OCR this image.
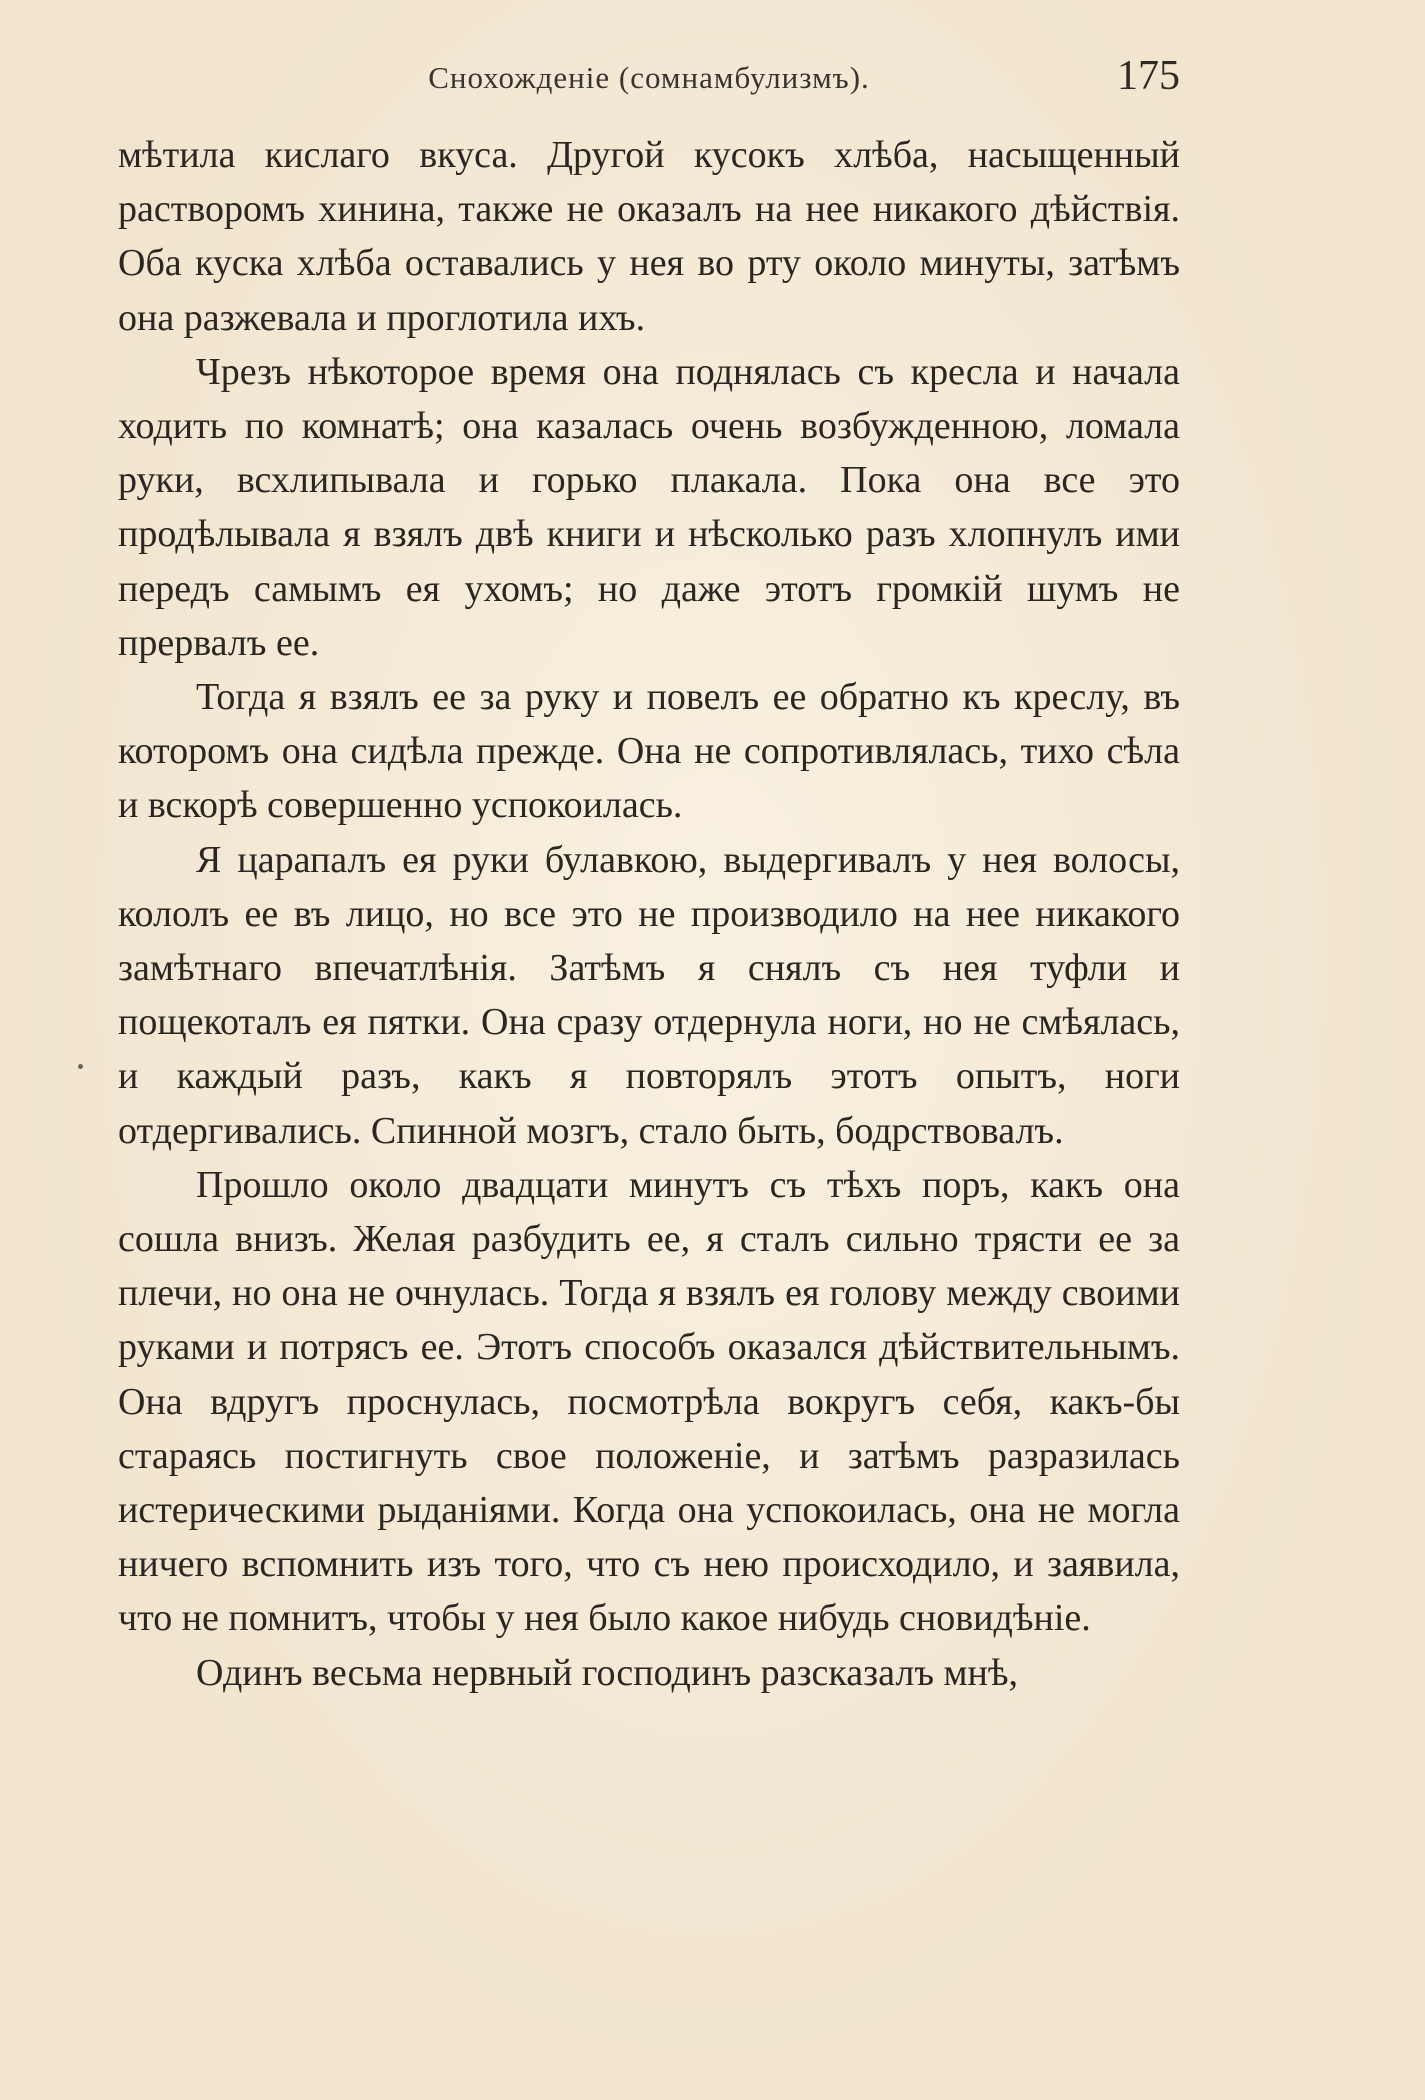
Снохожденіе (сомнамбулизмъ).	175

мѣтила кислаго вкуса. Другой кусокъ хлѣба, насыщенный растворомъ хинина, также не оказалъ на нее никакого дѣйствія. Оба куска хлѣба оставались у нея во рту около минуты, затѣмъ она разжевала и проглотила ихъ.

Чрезъ нѣкоторое время она поднялась съ кресла и начала ходить по комнатѣ; она казалась очень возбужденною, ломала руки, всхлипывала и горько плакала. Пока она все это продѣлывала я взялъ двѣ книги и нѣсколько разъ хлопнулъ ими передъ самымъ ея ухомъ; но даже этотъ громкій шумъ не прервалъ ее.

Тогда я взялъ ее за руку и повелъ ее обратно къ креслу, въ которомъ она сидѣла прежде. Она не сопротивлялась, тихо сѣла и вскорѣ совершенно успокоилась.

Я царапалъ ея руки булавкою, выдергивалъ у нея волосы, кололъ ее въ лицо, но все это не производило на нее никакого замѣтнаго впечатлѣнія. Затѣмъ я снялъ съ нея туфли и пощекоталъ ея пятки. Она сразу отдернула ноги, но не смѣялась, и каждый разъ, какъ я повторялъ этотъ опытъ, ноги отдергивались. Спинной мозгъ, стало быть, бодрствовалъ.

Прошло около двадцати минутъ съ тѣхъ поръ, какъ она сошла внизъ. Желая разбудить ее, я сталъ сильно трясти ее за плечи, но она не очнулась. Тогда я взялъ ея голову между своими руками и потрясъ ее. Этотъ способъ оказался дѣйствительнымъ. Она вдругъ проснулась, посмотрѣла вокругъ себя, какъ-бы стараясь постигнуть свое положеніе, и затѣмъ разразилась истерическими рыданіями. Когда она успокоилась, она не могла ничего вспомнить изъ того, что съ нею происходило, и заявила, что не помнитъ, чтобы у нея было какое нибудь сновидѣніе.

Одинъ весьма нервный господинъ разсказалъ мнѣ,
